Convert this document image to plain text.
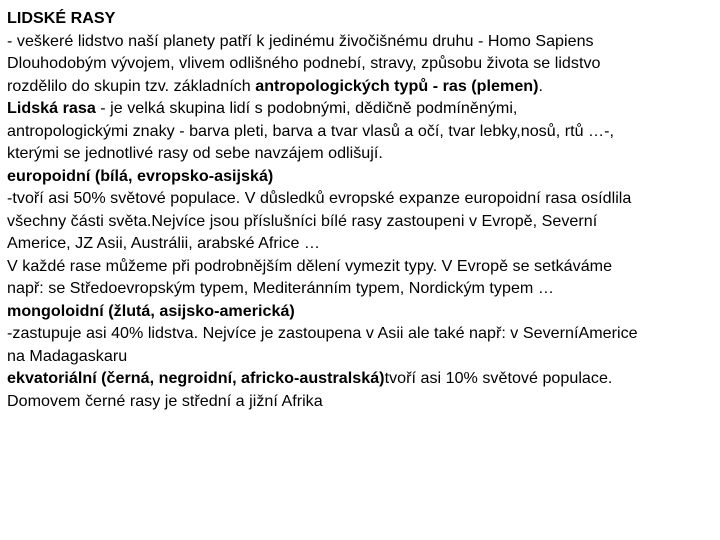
LIDSKÉ RASY

- veškeré lidstvo naší planety patří k jedinému živočišnému druhu - Homo Sapiens

Dlouhodobým vývojem, vlivem odlišného podnebí, stravy, způsobu života se lidstvo

rozdělilo do skupin tzv. základních antropologických typů - ras (plemen).

Lidská rasa - je velká skupina lidí s podobnými, dědičně podmíněnými,

antropologickými znaky - barva pleti, barva a tvar vlasů a očí, tvar lebky,nosů, rtů …-,

kterými se jednotlivé rasy od sebe navzájem odlišují.

europoidní (bílá, evropsko-asijská)

-tvoří asi 50% světové populace. V důsledků evropské expanze europoidní rasa osídlila

všechny části světa.Nejvíce jsou příslušníci bílé rasy zastoupeni v Evropě, Severní

Americe, JZ Asii, Austrálii, arabské Africe …

V každé rase můžeme při podrobnějším dělení vymezit typy. V Evropě se setkáváme

např: se Středoevropským typem, Mediteránním typem, Nordickým typem …

mongoloidní (žlutá, asijsko-americká)

-zastupuje asi 40% lidstva. Nejvíce je zastoupena v Asii ale také např: v SeverníAmerice

na Madagaskaru

ekvatoriální (černá, negroidní, africko-australská)tvoří asi 10% světové populace.

Domovem černé rasy je střední a jižní Afrika
